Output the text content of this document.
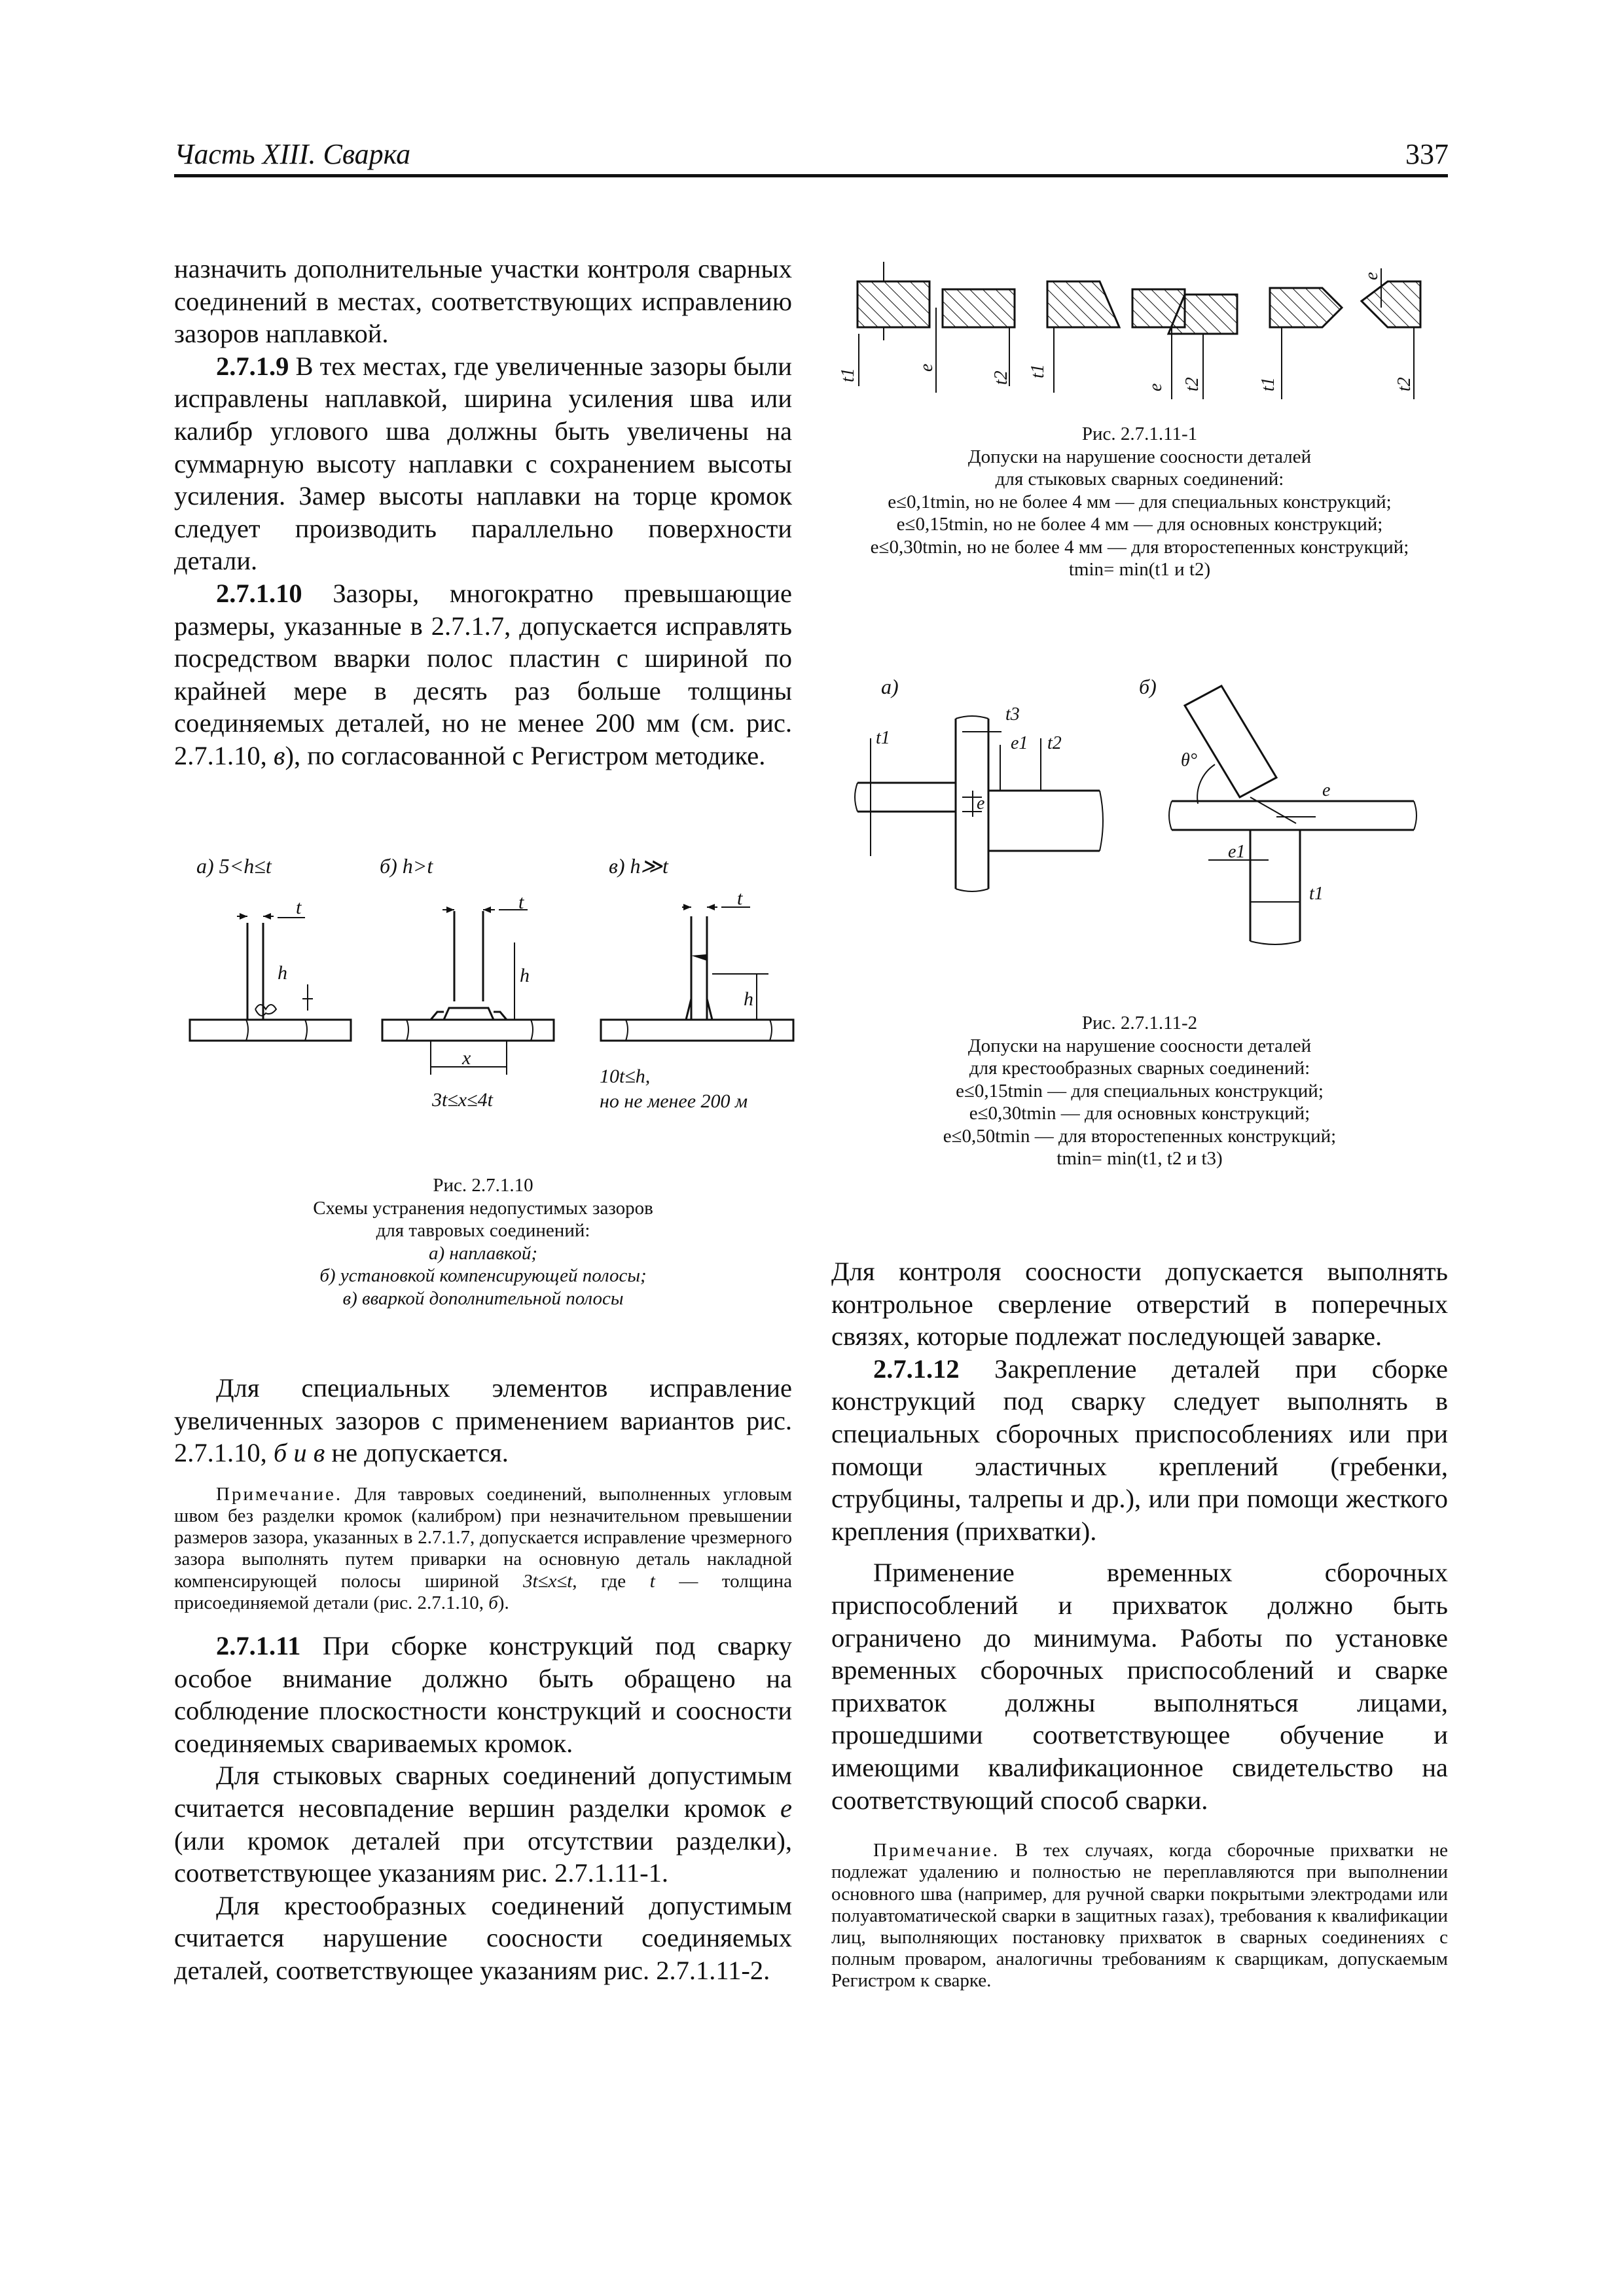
Часть XIII. Сварка	337

назначить дополнительные участки контроля сварных соединений в местах, соответствующих исправлению зазоров наплавкой.

2.7.1.9 В тех местах, где увеличенные зазоры были исправлены наплавкой, ширина усиления шва или калибр углового шва должны быть увеличены на суммарную высоту наплавки с сохранением высоты усиления. Замер высоты наплавки на торце кромок следует производить параллельно поверхности детали.

2.7.1.10 Зазоры, многократно превышающие размеры, указанные в 2.7.1.7, допускается исправлять посредством вварки полос пластин с шириной по крайней мере в десять раз больше толщины соединяемых деталей, но не менее 200 мм (см. рис. 2.7.1.10, в), по согласованной с Регистром методике.

а) 5<h≤t	б) h>t	в) h≫t
t
h
t
h
x
t
h
3t≤x≤4t
10t≤h,
но не менее 200 м
Рис. 2.7.1.10
Схемы устранения недопустимых зазоров
для тавровых соединений:
а) наплавкой;
б) установкой компенсирующей полосы;
в) вваркой дополнительной полосы

Для специальных элементов исправление увеличенных зазоров с применением вариантов рис. 2.7.1.10, б и в не допускается.

Примечание. Для тавровых соединений, выполненных угловым швом без разделки кромок (калибром) при незначительном превышении размеров зазора, указанных в 2.7.1.7, допускается исправление чрезмерного зазора выполнять путем приварки на основную деталь накладной компенсирующей полосы шириной 3t≤x≤t, где t — толщина присоединяемой детали (рис. 2.7.1.10, б).

2.7.1.11 При сборке конструкций под сварку особое внимание должно быть обращено на соблюдение плоскостности конструкций и соосности соединяемых свариваемых кромок.

Для стыковых сварных соединений допустимым считается несовпадение вершин разделки кромок е (или кромок деталей при отсутствии разделки), соответствующее указаниям рис. 2.7.1.11-1.

Для крестообразных соединений допустимым считается нарушение соосности соединяемых деталей, соответствующее указаниям рис. 2.7.1.11-2.

t1
e
t2 t1
e t2	t1
e
t2
Рис. 2.7.1.11-1
Допуски на нарушение соосности деталей
для стыковых сварных соединений:
e≤0,1tmin, но не более 4 мм — для специальных конструкций;
e≤0,15tmin, но не более 4 мм — для основных конструкций;
e≤0,30tmin, но не более 4 мм — для второстепенных конструкций;
tmin= min(t1 и t2)
а)	б)
t1
t3
e1 t2
e
θ°
e
e1
t1
Рис. 2.7.1.11-2
Допуски на нарушение соосности деталей
для крестообразных сварных соединений:
e≤0,15tmin — для специальных конструкций;
e≤0,30tmin — для основных конструкций;
e≤0,50tmin — для второстепенных конструкций;
tmin= min(t1, t2 и t3)

Для контроля соосности допускается выполнять контрольное сверление отверстий в поперечных связях, которые подлежат последующей заварке.

2.7.1.12 Закрепление деталей при сборке конструкций под сварку следует выполнять в специальных сборочных приспособлениях или при помощи эластичных креплений (гребенки, струбцины, талрепы и др.), или при помощи жесткого крепления (прихватки).

Применение временных сборочных приспособлений и прихваток должно быть ограничено до минимума. Работы по установке временных сборочных приспособлений и сварке прихваток должны выполняться лицами, прошедшими соответствующее обучение и имеющими квалификационное свидетельство на соответствующий способ сварки.

Примечание. В тех случаях, когда сборочные прихватки не подлежат удалению и полностью не переплавляются при выполнении основного шва (например, для ручной сварки покрытыми электродами или полуавтоматической сварки в защитных газах), требования к квалификации лиц, выполняющих постановку прихваток в сварных соединениях с полным проваром, аналогичны требованиям к сварщикам, допускаемым Регистром к сварке.
